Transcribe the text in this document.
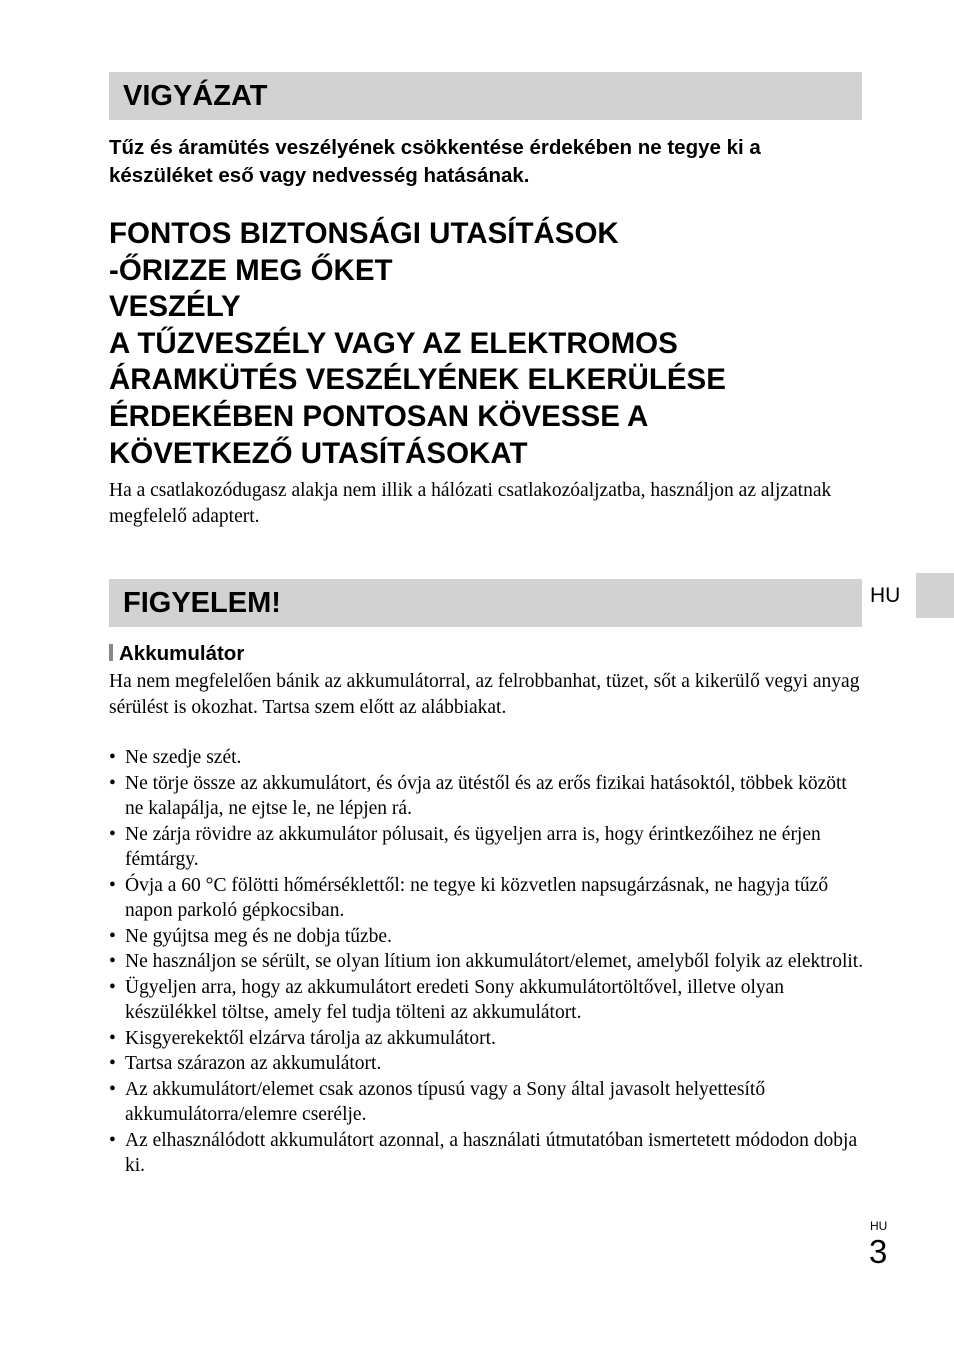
VIGYÁZAT
Tűz és áramütés veszélyének csökkentése érdekében ne tegye ki a készüléket eső vagy nedvesség hatásának.
FONTOS BIZTONSÁGI UTASÍTÁSOK
-ŐRIZZE MEG ŐKET
VESZÉLY
A TŰZVESZÉLY VAGY AZ ELEKTROMOS
ÁRAMKÜTÉS VESZÉLYÉNEK ELKERÜLÉSE
ÉRDEKÉBEN PONTOSAN KÖVESSE A
KÖVETKEZŐ UTASÍTÁSOKAT
Ha a csatlakozódugasz alakja nem illik a hálózati csatlakozóaljzatba, használjon az aljzatnak megfelelő adaptert.
FIGYELEM!	HU
Akkumulátor
Ha nem megfelelően bánik az akkumulátorral, az felrobbanhat, tüzet, sőt a kikerülő vegyi anyag sérülést is okozhat. Tartsa szem előtt az alábbiakat.
• Ne szedje szét.
• Ne törje össze az akkumulátort, és óvja az ütéstől és az erős fizikai hatásoktól, többek között ne kalapálja, ne ejtse le, ne lépjen rá.
• Ne zárja rövidre az akkumulátor pólusait, és ügyeljen arra is, hogy érintkezőihez ne érjen fémtárgy.
• Óvja a 60 °C fölötti hőmérséklettől: ne tegye ki közvetlen napsugárzásnak, ne hagyja tűző napon parkoló gépkocsiban.
• Ne gyújtsa meg és ne dobja tűzbe.
• Ne használjon se sérült, se olyan lítium ion akkumulátort/elemet, amelyből folyik az elektrolit.
• Ügyeljen arra, hogy az akkumulátort eredeti Sony akkumulátortöltővel, illetve olyan készülékkel töltse, amely fel tudja tölteni az akkumulátort.
• Kisgyerekektől elzárva tárolja az akkumulátort.
• Tartsa szárazon az akkumulátort.
• Az akkumulátort/elemet csak azonos típusú vagy a Sony által javasolt helyettesítő akkumulátorra/elemre cserélje.
• Az elhasználódott akkumulátort azonnal, a használati útmutatóban ismertetett módodon dobja ki.
HU
3
